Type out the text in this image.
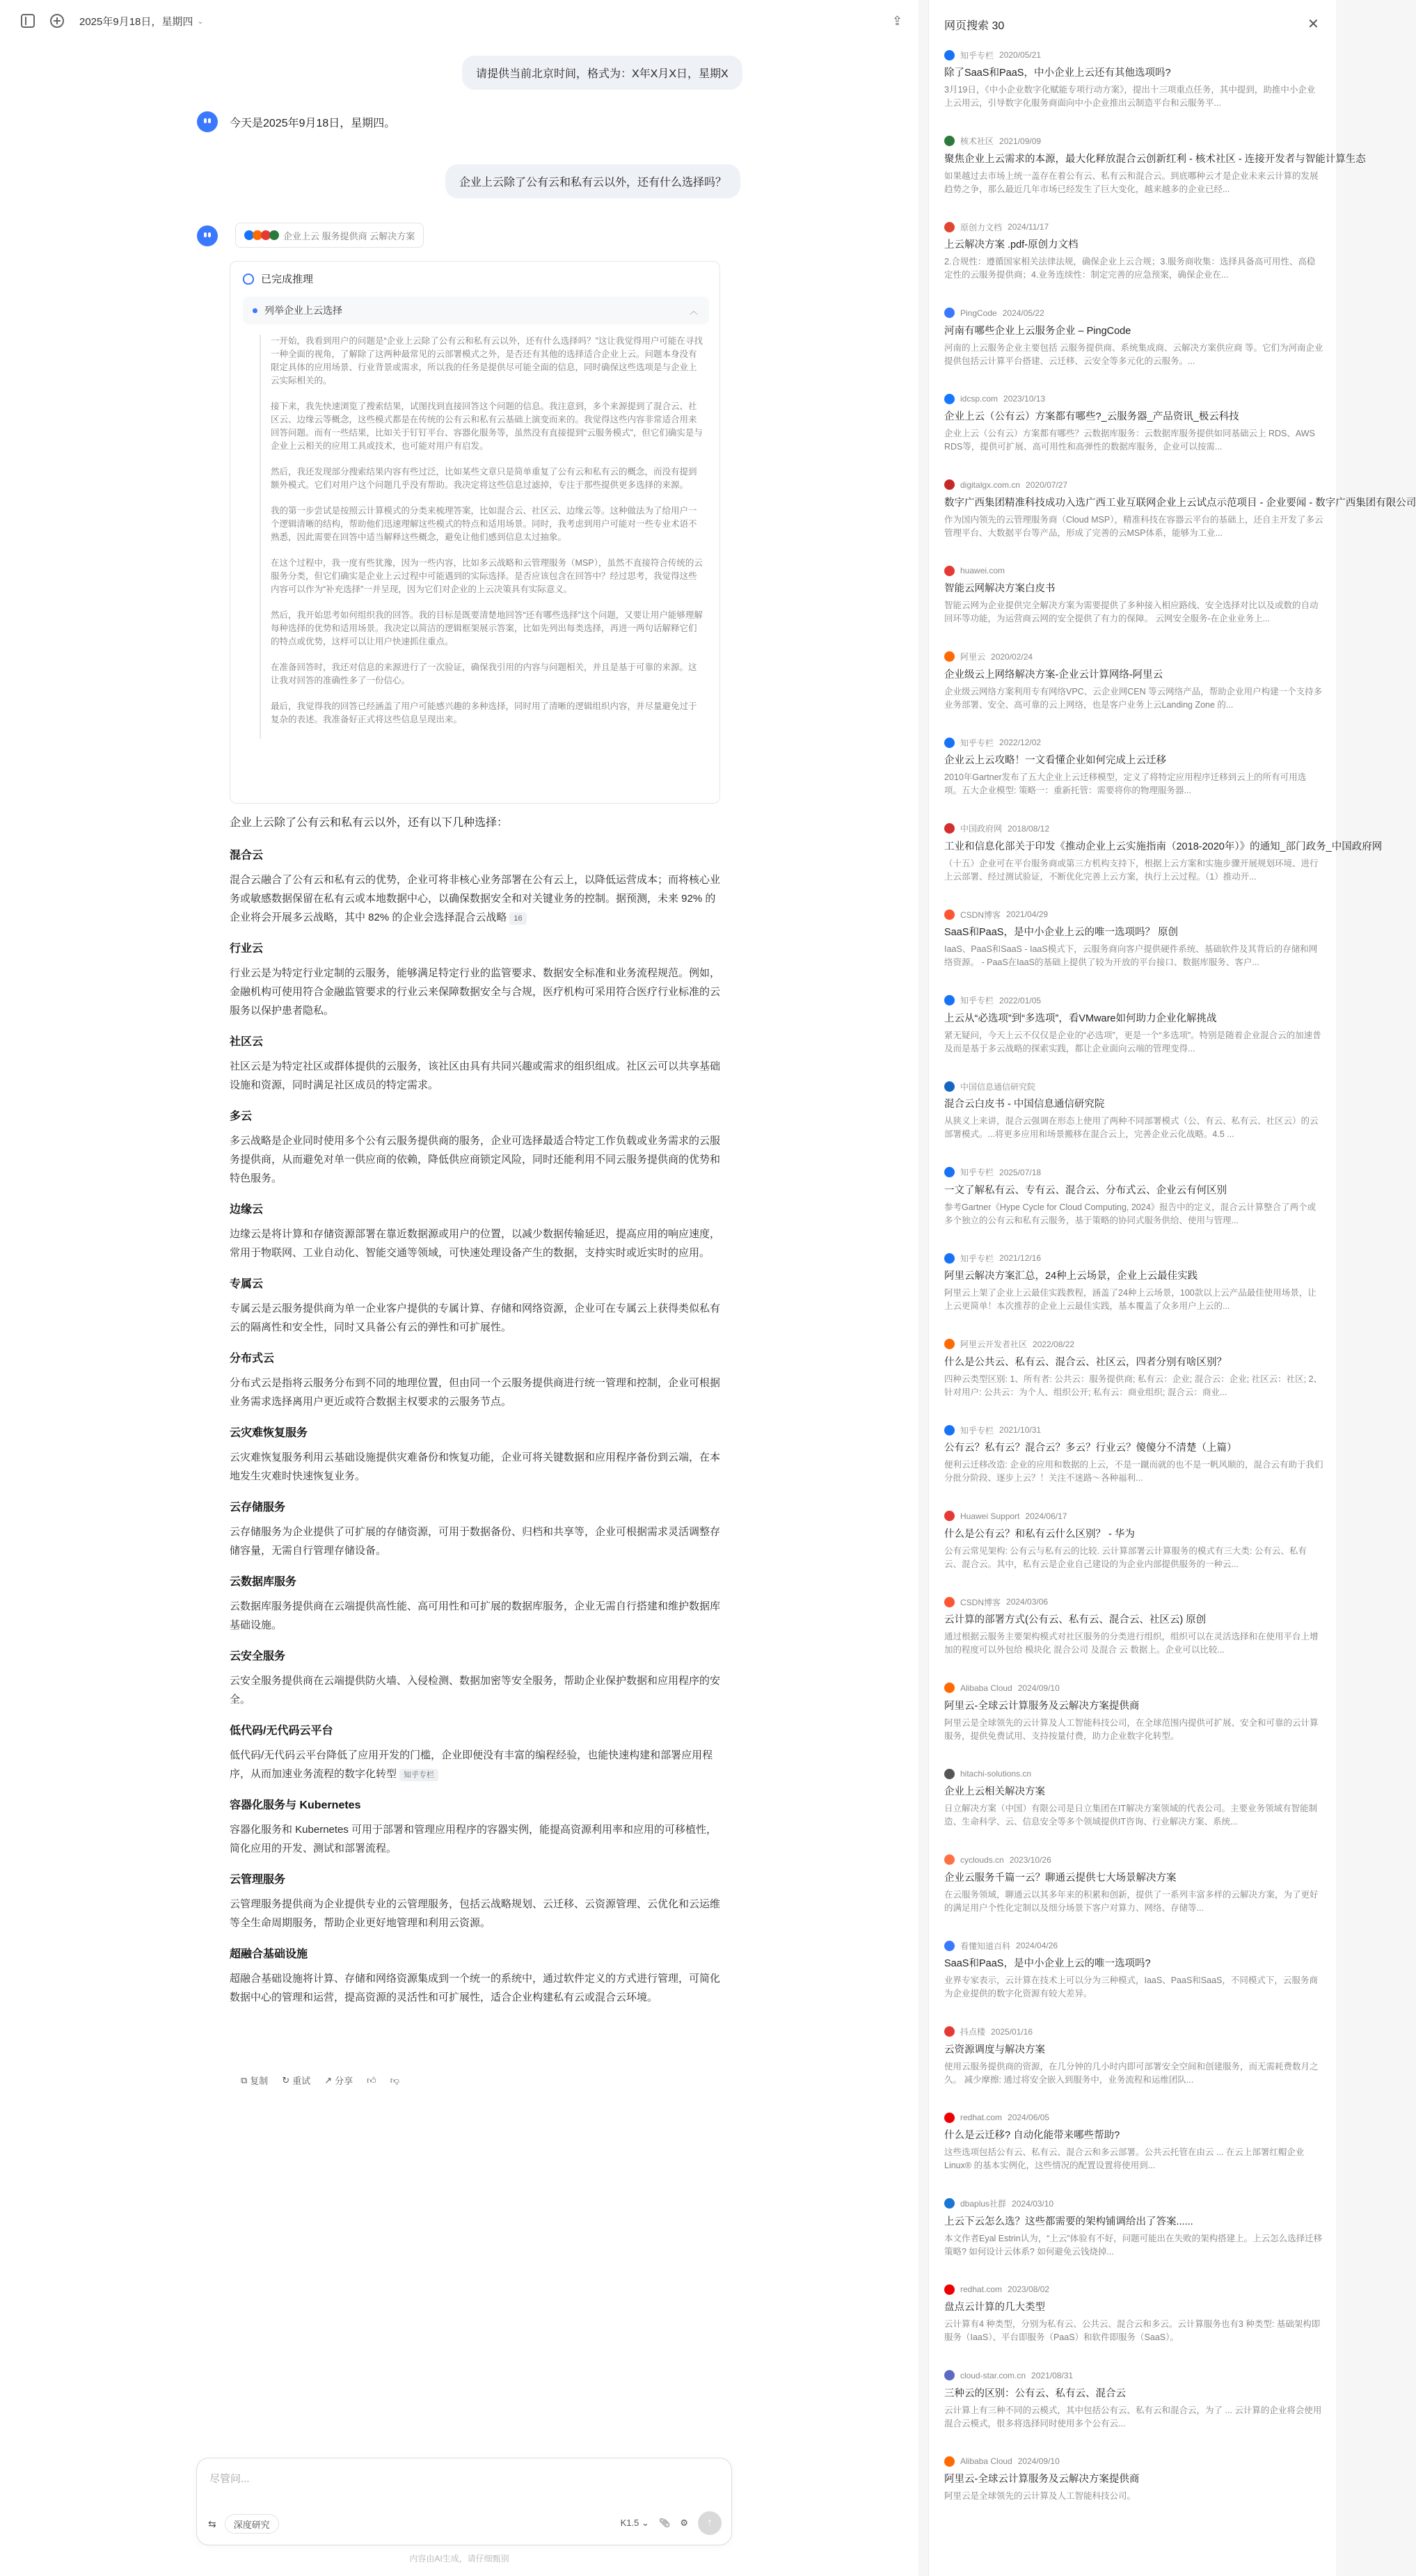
2025年9月18日，星期四 ⌄	⇪
请提供当前北京时间，格式为：X年X月X日，星期X
今天是2025年9月18日，星期四。
企业上云除了公有云和私有云以外，还有什么选择吗？
企业上云 服务提供商 云解决方案
已完成推理
列举企业上云选择	︿

一开始，我看到用户的问题是“企业上云除了公有云和私有云以外，还有什么选择吗？”这让我觉得用户可能在寻找一种全面的视角，了解除了这两种最常见的云部署模式之外，是否还有其他的选择适合企业上云。问题本身没有限定具体的应用场景、行业背景或需求，所以我的任务是提供尽可能全面的信息，同时确保这些选项是与企业上云实际相关的。

接下来，我先快速浏览了搜索结果，试图找到直接回答这个问题的信息。我注意到，多个来源提到了混合云、社区云、边缘云等概念，这些模式都是在传统的公有云和私有云基础上演变而来的。我觉得这些内容非常适合用来回答问题。而有一些结果，比如关于钉钉平台、容器化服务等，虽然没有直接提到“云服务模式”，但它们确实是与企业上云相关的应用工具或技术，也可能对用户有启发。

然后，我还发现部分搜索结果内容有些过泛，比如某些文章只是简单重复了公有云和私有云的概念，而没有提到额外模式。它们对用户这个问题几乎没有帮助。我决定将这些信息过滤掉，专注于那些提供更多选择的来源。

我的第一步尝试是按照云计算模式的分类来梳理答案，比如混合云、社区云、边缘云等。这种做法为了给用户一个逻辑清晰的结构，帮助他们迅速理解这些模式的特点和适用场景。同时，我考虑到用户可能对一些专业术语不熟悉，因此需要在回答中适当解释这些概念，避免让他们感到信息太过抽象。

在这个过程中，我一度有些犹豫，因为一些内容，比如多云战略和云管理服务（MSP），虽然不直接符合传统的云服务分类，但它们确实是企业上云过程中可能遇到的实际选择。是否应该包含在回答中？经过思考，我觉得这些内容可以作为“补充选择”一并呈现，因为它们对企业的上云决策具有实际意义。

然后，我开始思考如何组织我的回答。我的目标是既要清楚地回答“还有哪些选择”这个问题，又要让用户能够理解每种选择的优势和适用场景。我决定以简洁的逻辑框架展示答案，比如先列出每类选择，再进一两句话解释它们的特点或优势，这样可以让用户快速抓住重点。

在准备回答时，我还对信息的来源进行了一次验证，确保我引用的内容与问题相关，并且是基于可靠的来源。这让我对回答的准确性多了一份信心。

最后，我觉得我的回答已经涵盖了用户可能感兴趣的多种选择，同时用了清晰的逻辑组织内容，并尽量避免过于复杂的表述。我准备好正式将这些信息呈现出来。

企业上云除了公有云和私有云以外，还有以下几种选择：
混合云

混合云融合了公有云和私有云的优势，企业可将非核心业务部署在公有云上，以降低运营成本；而将核心业务或敏感数据保留在私有云或本地数据中心，以确保数据安全和对关键业务的控制。据预测，未来 92% 的企业将会开展多云战略，其中 82% 的企业会选择混合云战略 16

行业云

行业云是为特定行业定制的云服务，能够满足特定行业的监管要求、数据安全标准和业务流程规范。例如，金融机构可使用符合金融监管要求的行业云来保障数据安全与合规，医疗机构可采用符合医疗行业标准的云服务以保护患者隐私。

社区云

社区云是为特定社区或群体提供的云服务，该社区由具有共同兴趣或需求的组织组成。社区云可以共享基础设施和资源，同时满足社区成员的特定需求。

多云

多云战略是企业同时使用多个公有云服务提供商的服务，企业可选择最适合特定工作负载或业务需求的云服务提供商，从而避免对单一供应商的依赖，降低供应商锁定风险，同时还能利用不同云服务提供商的优势和特色服务。

边缘云

边缘云是将计算和存储资源部署在靠近数据源或用户的位置，以减少数据传输延迟，提高应用的响应速度，常用于物联网、工业自动化、智能交通等领域，可快速处理设备产生的数据，支持实时或近实时的应用。

专属云

专属云是云服务提供商为单一企业客户提供的专属计算、存储和网络资源，企业可在专属云上获得类似私有云的隔离性和安全性，同时又具备公有云的弹性和可扩展性。

分布式云

分布式云是指将云服务分布到不同的地理位置，但由同一个云服务提供商进行统一管理和控制，企业可根据业务需求选择离用户更近或符合数据主权要求的云服务节点。

云灾难恢复服务

云灾难恢复服务利用云基础设施提供灾难备份和恢复功能，企业可将关键数据和应用程序备份到云端，在本地发生灾难时快速恢复业务。

云存储服务

云存储服务为企业提供了可扩展的存储资源，可用于数据备份、归档和共享等，企业可根据需求灵活调整存储容量，无需自行管理存储设备。

云数据库服务

云数据库服务提供商在云端提供高性能、高可用性和可扩展的数据库服务，企业无需自行搭建和维护数据库基础设施。

云安全服务

云安全服务提供商在云端提供防火墙、入侵检测、数据加密等安全服务，帮助企业保护数据和应用程序的安全。

低代码/无代码云平台

低代码/无代码云平台降低了应用开发的门槛，企业即便没有丰富的编程经验，也能快速构建和部署应用程序，从而加速业务流程的数字化转型 知乎专栏

容器化服务与 Kubernetes

容器化服务和 Kubernetes 可用于部署和管理应用程序的容器实例，能提高资源利用率和应用的可移植性，简化应用的开发、测试和部署流程。

云管理服务

云管理服务提供商为企业提供专业的云管理服务，包括云战略规划、云迁移、云资源管理、云优化和云运维等全生命周期服务，帮助企业更好地管理和利用云资源。

超融合基础设施

超融合基础设施将计算、存储和网络资源集成到一个统一的系统中，通过软件定义的方式进行管理，可简化数据中心的管理和运营，提高资源的灵活性和可扩展性，适合企业构建私有云或混合云环境。

⧉ 复制 ↻ 重试 ↗ 分享 👍︎ 👎︎
尽管问...
⇆ 深度研究	K1.5 ⌄ 📎︎ ⚙︎ ↑
内容由AI生成，请仔细甄别
网页搜索 30	✕
知乎专栏 2020/05/21
除了SaaS和PaaS，中小企业上云还有其他选项吗?
3月19日，《中小企业数字化赋能专项行动方案》，提出十三项重点任务，其中提到，助推中小企业上云用云，引导数字化服务商面向中小企业推出云制造平台和云服务平...
核术社区 2021/09/09
聚焦企业上云需求的本源，最大化释放混合云创新红利 - 核术社区 - 连接开发者与智能计算生态
如果越过去市场上统一盖存在着公有云、私有云和混合云。到底哪种云才是企业未来云计算的发展趋势之争，那么最近几年市场已经发生了巨大变化，越来越多的企业已经...
原创力文档 2024/11/17
上云解决方案 .pdf-原创力文档
2.合规性：遵循国家相关法律法规，确保企业上云合规；3.服务商收集：选择具备高可用性、高稳定性的云服务提供商；4.业务连续性：制定完善的应急预案，确保企业在...
PingCode 2024/05/22
河南有哪些企业上云服务企业 – PingCode
河南的上云服务企业主要包括 云服务提供商、系统集成商、云解决方案供应商 等。它们为河南企业提供包括云计算平台搭建、云迁移、云安全等多元化的云服务。...
idcsp.com 2023/10/13
企业上云（公有云）方案都有哪些?_云服务器_产品资讯_极云科技
企业上云（公有云）方案都有哪些？云数据库服务：云数据库服务提供如同基础云上 RDS、AWS RDS等，提供可扩展、高可用性和高弹性的数据库服务，企业可以按需...
digitalgx.com.cn 2020/07/27
数字广西集团精准科技成功入选广西工业互联网企业上云试点示范项目 - 企业要闻 - 数字广西集团有限公司
作为国内领先的云管理服务商（Cloud MSP），精准科技在容器云平台的基础上，还自主开发了多云管理平台、大数据平台等产品，形成了完善的云MSP体系，能够为工业...
huawei.com
智能云网解决方案白皮书
智能云网为企业提供完全解决方案为需要提供了多种接入相应路线、安全选择对比以及或数的自动回环等功能，为运营商云网的安全提供了有力的保障。 云网安全服务-在企业业务上...
阿里云 2020/02/24
企业级云上网络解决方案-企业云计算网络-阿里云
企业级云网络方案利用专有网络VPC、云企业网CEN 等云网络产品，帮助企业用户构建一个支持多业务部署、安全、高可靠的云上网络，也是客户业务上云Landing Zone 的...
知乎专栏 2022/12/02
企业云上云攻略！一文看懂企业如何完成上云迁移
2010年Gartner发布了五大企业上云迁移模型，定义了将特定应用程序迁移到云上的所有可用选项。五大企业模型: 策略一：重新托管：需要将你的物理服务器...
中国政府网 2018/08/12
工业和信息化部关于印发《推动企业上云实施指南（2018-2020年）》的通知_部门政务_中国政府网
（十五）企业可在平台服务商或第三方机构支持下，根据上云方案和实施步骤开展规划环境、进行上云部署、经过测试验证，不断优化完善上云方案，执行上云过程。（1）推动开...
CSDN博客 2021/04/29
SaaS和PaaS，是中小企业上云的唯一选项吗？ 原创
IaaS、PaaS和SaaS - IaaS模式下，云服务商向客户提供硬件系统、基础软件及其背后的存储和网络资源。 - PaaS在IaaS的基础上提供了较为开放的平台接口、数据库服务、客户...
知乎专栏 2022/01/05
上云从“必选项”到“多选项”，看VMware如何助力企业化解挑战
紧无疑问，今天上云不仅仅是企业的“必选项”，更是一个“多选项”。特别是随着企业混合云的加速普及而是基于多云战略的探索实践，都让企业面向云端的管理变得...
中国信息通信研究院
混合云白皮书 - 中国信息通信研究院
从狭义上来讲，混合云强调在形态上使用了两种不同部署模式（公、有云、私有云、社区云）的云部署模式。...将更多应用和场景搬移在混合云上，完善企业云化战略。4.5 ...
知乎专栏 2025/07/18
一文了解私有云、专有云、混合云、分布式云、企业云有何区别
参考Gartner《Hype Cycle for Cloud Computing, 2024》报告中的定义，混合云计算整合了两个或多个独立的公有云和私有云服务，基于策略的协同式服务供给、使用与管理...
知乎专栏 2021/12/16
阿里云解决方案汇总，24种上云场景，企业上云最佳实践
阿里云上架了企业上云最佳实践教程，涵盖了24种上云场景，100款以上云产品最佳使用场景，让上云更简单！本次推荐的企业上云最佳实践，基本覆盖了众多用户上云的...
阿里云开发者社区 2022/08/22
什么是公共云、私有云、混合云、社区云，四者分别有啥区别？
四种云类型区别: 1、所有者: 公共云：服务提供商; 私有云：企业; 混合云：企业; 社区云：社区; 2、针对用户: 公共云：为个人、组织公开; 私有云：商业组织; 混合云：商业...
知乎专栏 2021/10/31
公有云？私有云？混合云？多云？行业云？傻傻分不清楚（上篇）
便利云迁移改造: 企业的应用和数据的上云，不是一蹴而就的也不是一帆风顺的，混合云有助于我们分批分阶段、逐步上云？！关注不迷路～各种福利...
Huawei Support 2024/06/17
什么是公有云？和私有云什么区别？ - 华为
公有云常见架构: 公有云与私有云的比较. 云计算部署云计算服务的模式有三大类: 公有云、私有云、混合云。其中，私有云是企业自己建设的为企业内部提供服务的一种云...
CSDN博客 2024/03/06
云计算的部署方式(公有云、私有云、混合云、社区云) 原创
通过根据云服务主要架构模式对社区服务的分类进行组织，组织可以在灵活选择和在使用平台上增加的程度可以外包给 模块化 混合公司 及混合 云 数据上。企业可以比较...
Alibaba Cloud 2024/09/10
阿里云-全球云计算服务及云解决方案提供商
阿里云是全球领先的云计算及人工智能科技公司，在全球范围内提供可扩展、安全和可靠的云计算服务，提供免费试用、支持按量付费，助力企业数字化转型。
hitachi-solutions.cn
企业上云相关解决方案
日立解决方案（中国）有限公司是日立集团在IT解决方案领域的代表公司。主要业务领域有智能制造、生命科学、云、信息安全等多个领域提供IT咨询、行业解决方案、系统...
cyclouds.cn 2023/10/26
企业云服务千篇一云？聊通云提供七大场景解决方案
在云服务领域，聊通云以其多年来的积累和创新，提供了一系列丰富多样的云解决方案，为了更好的满足用户个性化定制以及细分场景下客户对算力、网络、存储等...
看懂知道百科 2024/04/26
SaaS和PaaS，是中小企业上云的唯一选项吗?
业界专家表示，云计算在技术上可以分为三种模式，IaaS、PaaS和SaaS，不同模式下，云服务商为企业提供的数字化资源有较大差异。
抖点楼 2025/01/16
云资源调度与解决方案
使用云服务提供商的资源，在几分钟的几小时内即可部署安全空间和创建服务，而无需耗费数月之久。 减少摩擦: 通过将安全嵌入到服务中，业务流程和运维团队...
redhat.com 2024/06/05
什么是云迁移? 自动化能带来哪些帮助?
这些选项包括公有云、私有云、混合云和多云部署。公共云托管在由云 ... 在云上部署红帽企业Linux® 的基本实例化，这些情况的配置设置将使用到...
dbaplus社群 2024/03/10
上云下云怎么选？这些都需要的架构铺调给出了答案......
本文作者Eyal Estrin认为，“上云”体验有不好，问题可能出在失败的架构搭建上。上云怎么选择迁移策略? 如何设计云体系? 如何避免云钱烧掉...
redhat.com 2023/08/02
盘点云计算的几大类型
云计算有4 种类型，分别为私有云、公共云、混合云和多云。云计算服务也有3 种类型: 基础架构即服务（IaaS）、平台即服务（PaaS）和软件即服务（SaaS）。
cloud-star.com.cn 2021/08/31
三种云的区别：公有云、私有云、混合云
云计算上有三种不同的云模式，其中包括公有云、私有云和混合云，为了 ... 云计算的企业将会使用混合云模式，很多将选择同时使用多个公有云...
Alibaba Cloud 2024/09/10
阿里云-全球云计算服务及云解决方案提供商
阿里云是全球领先的云计算及人工智能科技公司。
